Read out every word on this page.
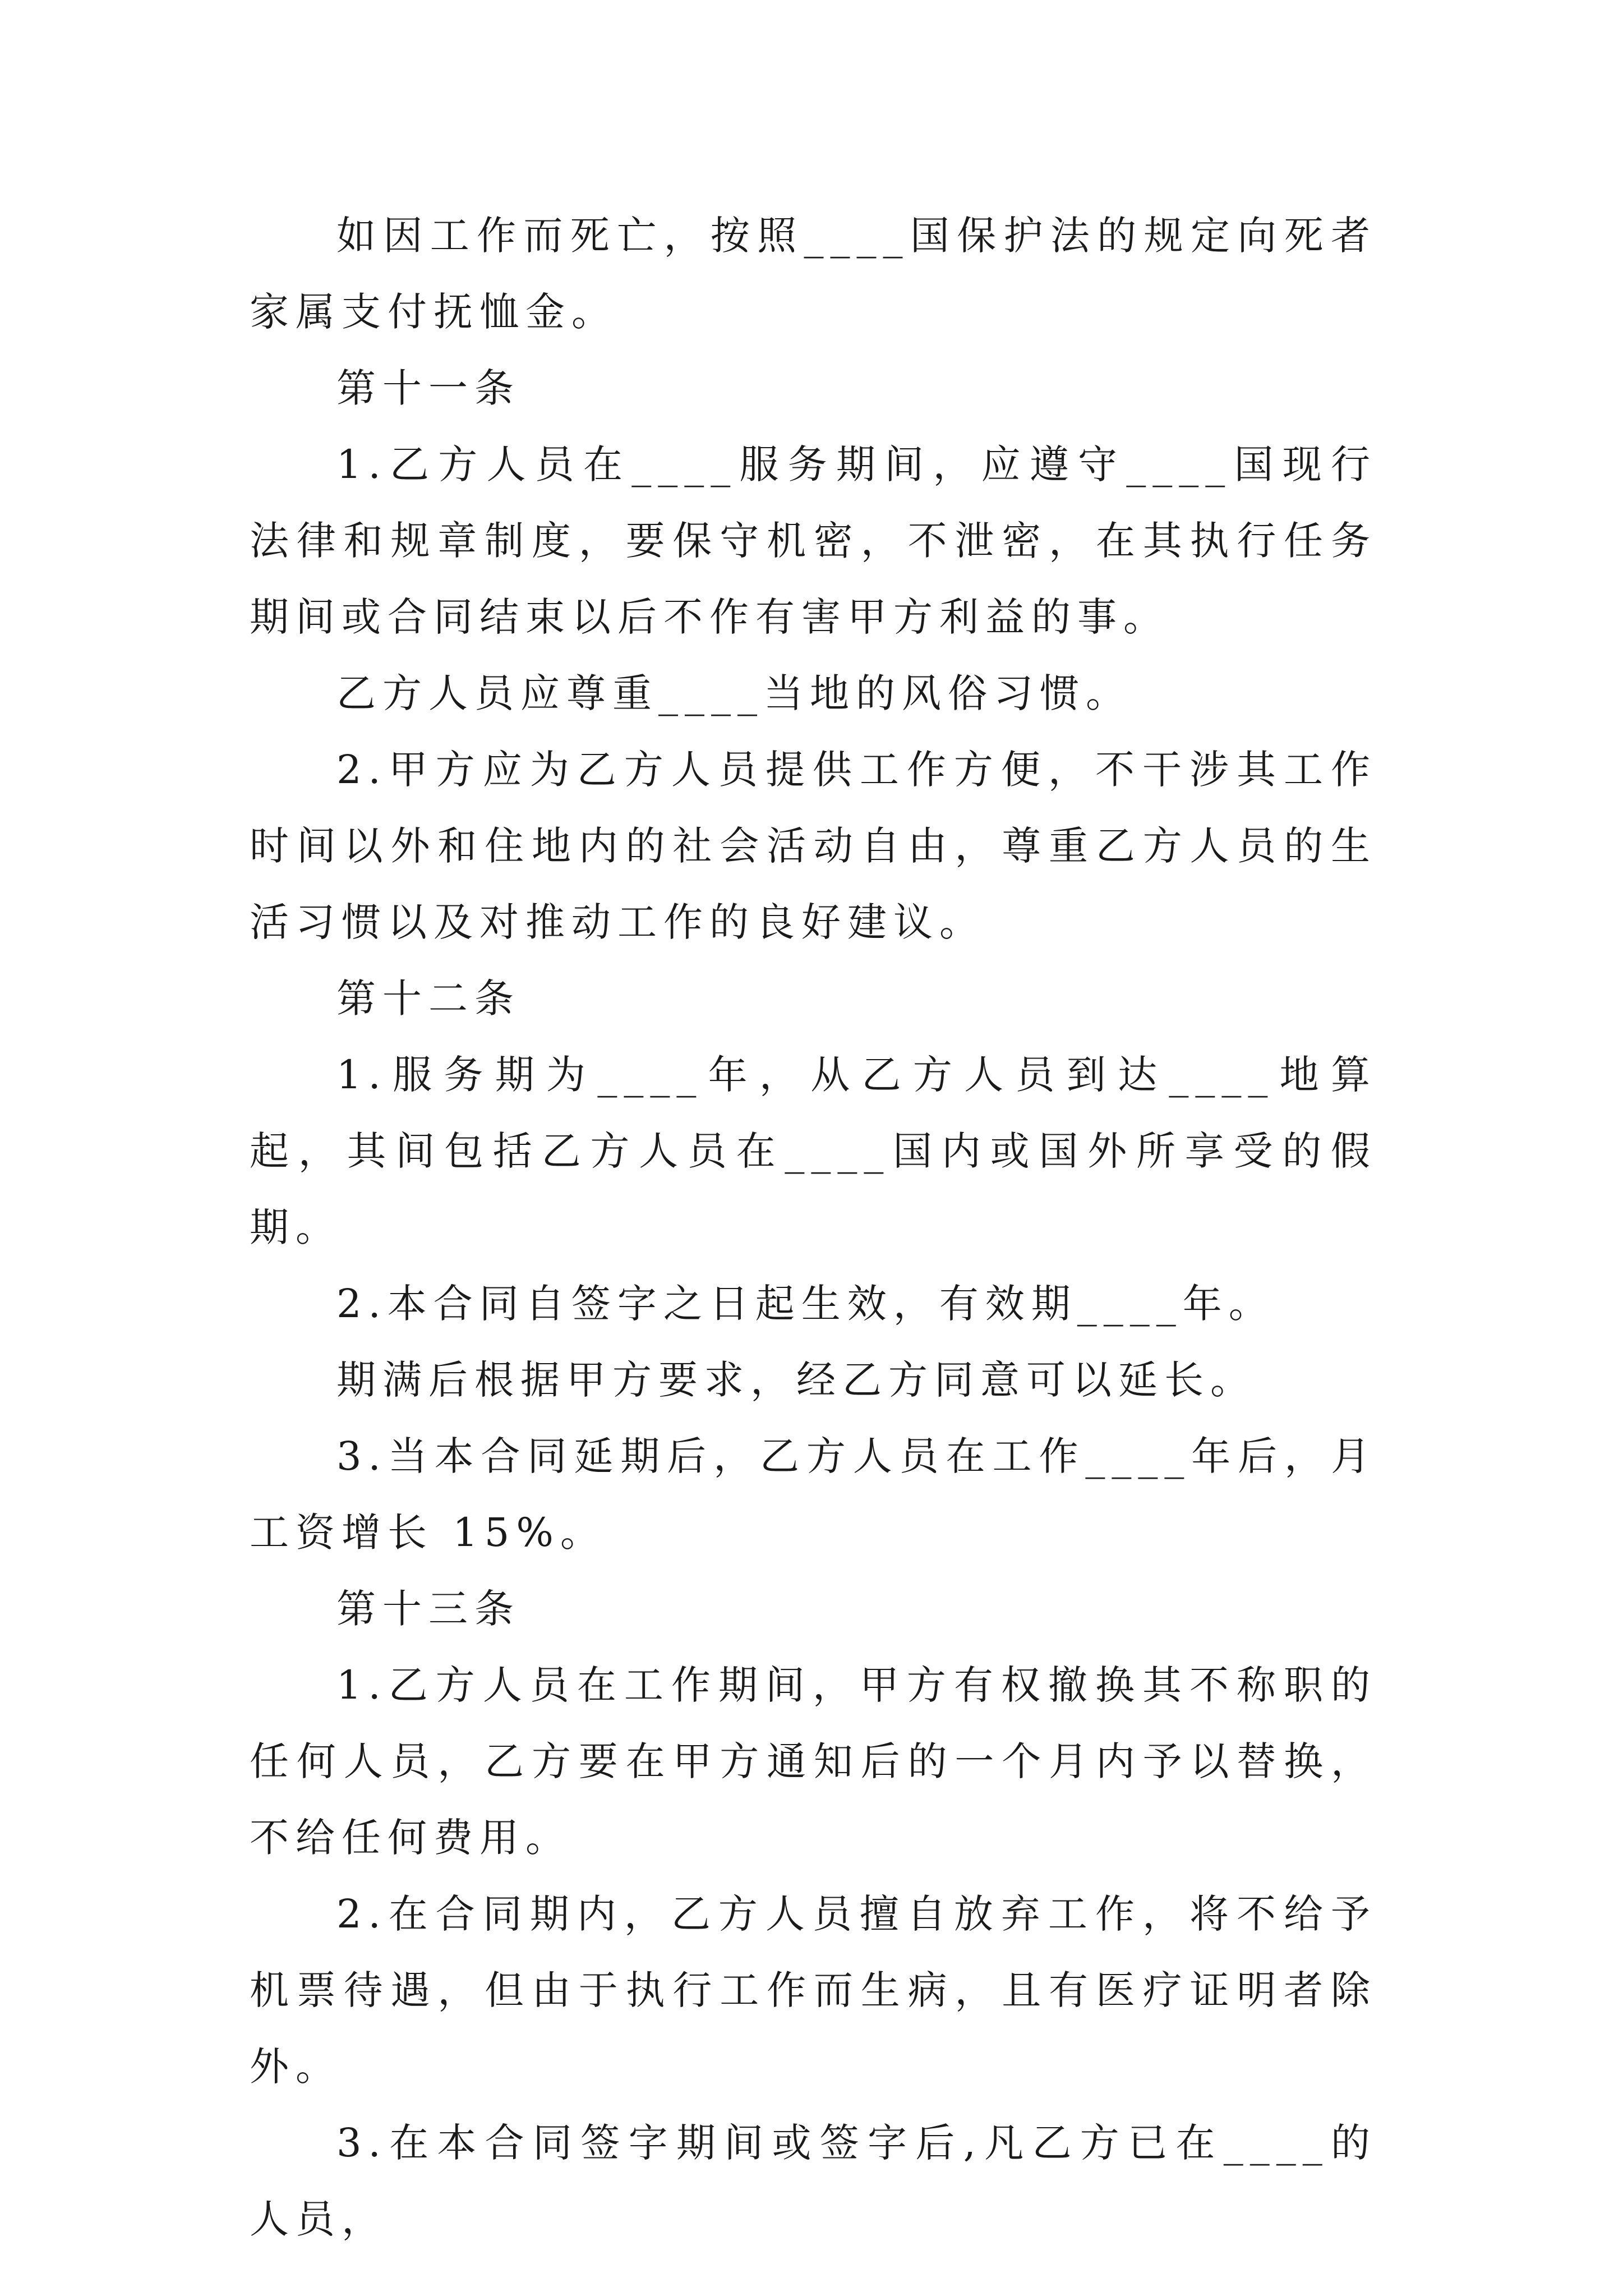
如因工作而死亡，按照____国保护法的规定向死者家属支付抚恤金。

第十一条

1.乙方人员在____服务期间，应遵守____国现行法律和规章制度，要保守机密，不泄密，在其执行任务期间或合同结束以后不作有害甲方利益的事。

乙方人员应尊重____当地的风俗习惯。

2.甲方应为乙方人员提供工作方便，不干涉其工作时间以外和住地内的社会活动自由，尊重乙方人员的生活习惯以及对推动工作的良好建议。

第十二条

1.服务期为____年，从乙方人员到达____地算起，其间包括乙方人员在____国内或国外所享受的假期。

2.本合同自签字之日起生效，有效期____年。

期满后根据甲方要求，经乙方同意可以延长。

3.当本合同延期后，乙方人员在工作____年后，月工资增长 15%。

第十三条

1.乙方人员在工作期间，甲方有权撤换其不称职的任何人员，乙方要在甲方通知后的一个月内予以替换，不给任何费用。

2.在合同期内，乙方人员擅自放弃工作，将不给予机票待遇，但由于执行工作而生病，且有医疗证明者除外。

3.在本合同签字期间或签字后,凡乙方已在____的人员，
